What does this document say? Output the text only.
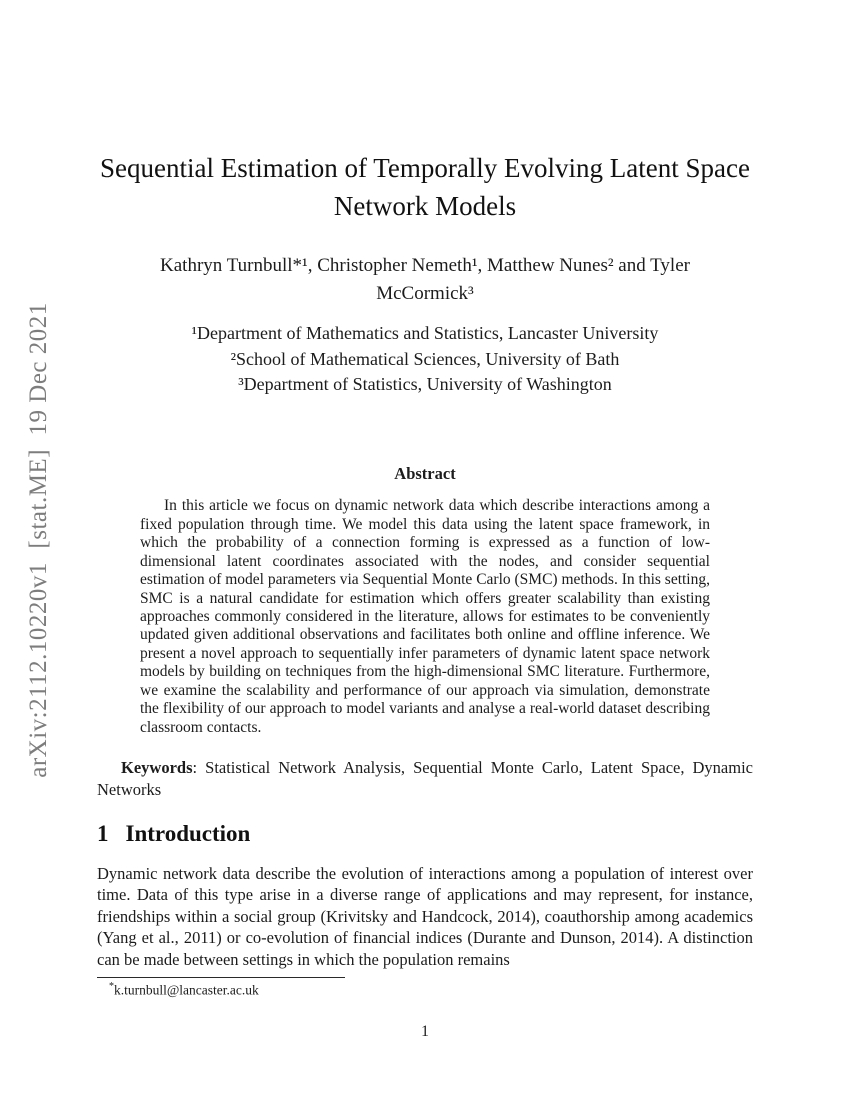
arXiv:2112.10220v1  [stat.ME]  19 Dec 2021
Sequential Estimation of Temporally Evolving Latent Space Network Models
Kathryn Turnbull*¹, Christopher Nemeth¹, Matthew Nunes² and Tyler McCormick³
¹Department of Mathematics and Statistics, Lancaster University
²School of Mathematical Sciences, University of Bath
³Department of Statistics, University of Washington
Abstract

In this article we focus on dynamic network data which describe interactions among a fixed population through time. We model this data using the latent space framework, in which the probability of a connection forming is expressed as a function of low-dimensional latent coordinates associated with the nodes, and consider sequential estimation of model parameters via Sequential Monte Carlo (SMC) methods. In this setting, SMC is a natural candidate for estimation which offers greater scalability than existing approaches commonly considered in the literature, allows for estimates to be conveniently updated given additional observations and facilitates both online and offline inference. We present a novel approach to sequentially infer parameters of dynamic latent space network models by building on techniques from the high-dimensional SMC literature. Furthermore, we examine the scalability and performance of our approach via simulation, demonstrate the flexibility of our approach to model variants and analyse a real-world dataset describing classroom contacts.

Keywords: Statistical Network Analysis, Sequential Monte Carlo, Latent Space, Dynamic Networks

1 Introduction

Dynamic network data describe the evolution of interactions among a population of interest over time. Data of this type arise in a diverse range of applications and may represent, for instance, friendships within a social group (Krivitsky and Handcock, 2014), coauthorship among academics (Yang et al., 2011) or co-evolution of financial indices (Durante and Dunson, 2014). A distinction can be made between settings in which the population remains

*k.turnbull@lancaster.ac.uk
1
